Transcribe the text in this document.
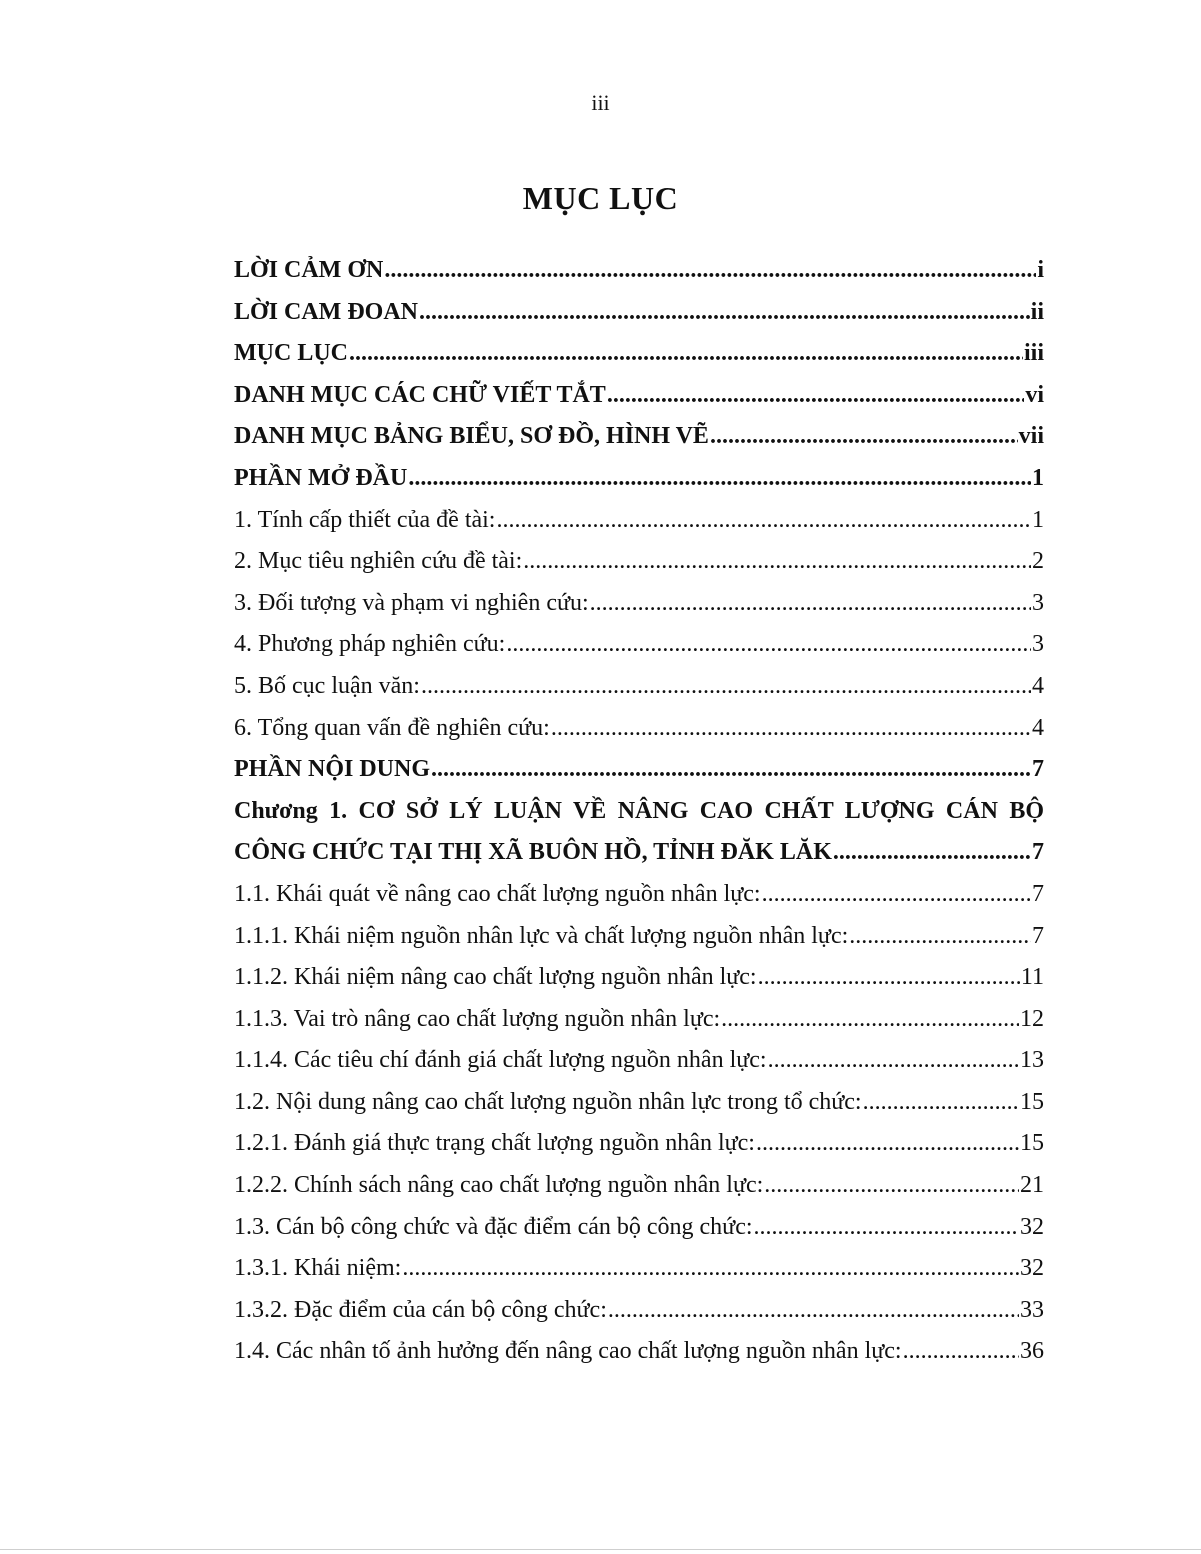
iii
MỤC LỤC
LỜI CẢM ƠN .....	i
LỜI CAM ĐOAN .....	ii
MỤC LỤC .....	iii
DANH MỤC CÁC CHỮ VIẾT TẮT .....	vi
DANH MỤC BẢNG BIỂU, SƠ ĐỒ, HÌNH VẼ .....	vii
PHẦN MỞ ĐẦU .....	1
1. Tính cấp thiết của đề tài: .....	1
2. Mục tiêu nghiên cứu đề tài: .....	2
3. Đối tượng và phạm vi nghiên cứu: .....	3
4. Phương pháp nghiên cứu: .....	3
5. Bố cục luận văn: .....	4
6. Tổng quan vấn đề nghiên cứu: .....	4
PHẦN NỘI DUNG .....	7
Chương 1. CƠ SỞ LÝ LUẬN VỀ NÂNG CAO CHẤT LƯỢNG CÁN BỘ
CÔNG CHỨC TẠI THỊ XÃ BUÔN HỒ, TỈNH ĐĂK LĂK .....	7
1.1. Khái quát về nâng cao chất lượng nguồn nhân lực: .....	7
1.1.1. Khái niệm nguồn nhân lực và chất lượng nguồn nhân lực: .....	7
1.1.2. Khái niệm nâng cao chất lượng nguồn nhân lực: .....	11
1.1.3. Vai trò nâng cao chất lượng nguồn nhân lực: .....	12
1.1.4. Các tiêu chí đánh giá chất lượng nguồn nhân lực: .....	13
1.2. Nội dung nâng cao chất lượng nguồn nhân lực trong tổ chức: .....	15
1.2.1. Đánh giá thực trạng chất lượng nguồn nhân lực: .....	15
1.2.2. Chính sách nâng cao chất lượng nguồn nhân lực: .....	21
1.3. Cán bộ công chức và đặc điểm cán bộ công chức: .....	32
1.3.1. Khái niệm: .....	32
1.3.2. Đặc điểm của cán bộ công chức: .....	33
1.4. Các nhân tố ảnh hưởng đến nâng cao chất lượng nguồn nhân lực: .....	36
